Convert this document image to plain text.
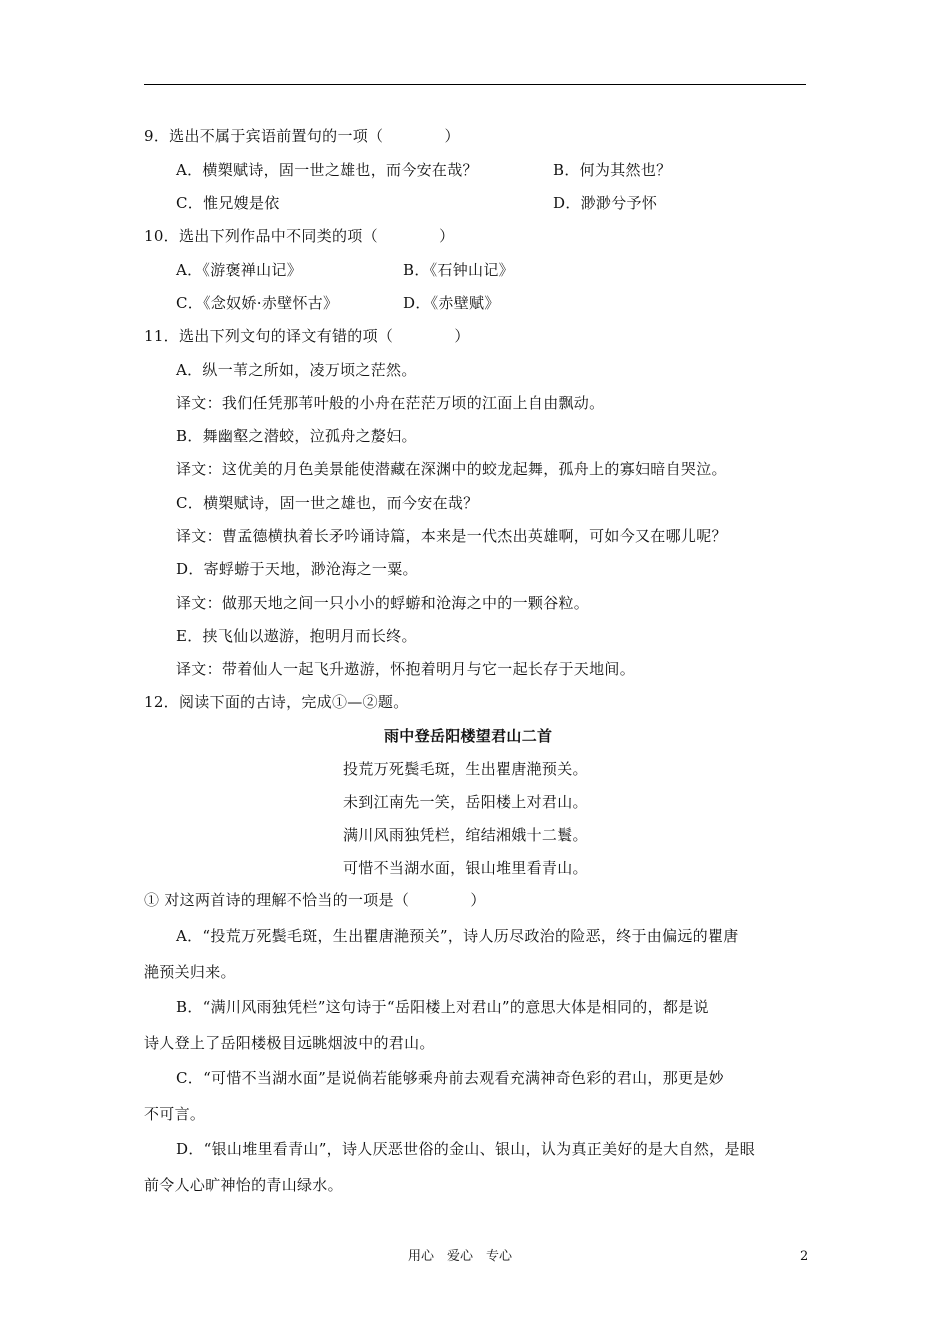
9．选出不属于宾语前置句的一项（　　　　）
A．横槊赋诗，固一世之雄也，而今安在哉？	B．何为其然也？
C．惟兄嫂是依	D．渺渺兮予怀
10．选出下列作品中不同类的项（　　　　）
A．《游褒禅山记》	B．《石钟山记》
C．《念奴娇·赤壁怀古》	D．《赤壁赋》
11．选出下列文句的译文有错的项（　　　　）
A．纵一苇之所如，凌万顷之茫然。
译文：我们任凭那苇叶般的小舟在茫茫万顷的江面上自由飘动。
B．舞幽壑之潜蛟，泣孤舟之嫠妇。
译文：这优美的月色美景能使潜藏在深渊中的蛟龙起舞，孤舟上的寡妇暗自哭泣。
C．横槊赋诗，固一世之雄也，而今安在哉？
译文：曹孟德横执着长矛吟诵诗篇，本来是一代杰出英雄啊，可如今又在哪儿呢？
D．寄蜉蝣于天地，渺沧海之一粟。
译文：做那天地之间一只小小的蜉蝣和沧海之中的一颗谷粒。
E．挟飞仙以遨游，抱明月而长终。
译文：带着仙人一起飞升遨游，怀抱着明月与它一起长存于天地间。
12．阅读下面的古诗，完成①—②题。
雨中登岳阳楼望君山二首
投荒万死鬓毛斑，生出瞿唐滟预关。
未到江南先一笑，岳阳楼上对君山。
满川风雨独凭栏，绾结湘娥十二鬟。
可惜不当湖水面，银山堆里看青山。
① 对这两首诗的理解不恰当的一项是（　　　　）
A．“投荒万死鬓毛斑，生出瞿唐滟预关”，诗人历尽政治的险恶，终于由偏远的瞿唐
滟预关归来。
B．“满川风雨独凭栏”这句诗于“岳阳楼上对君山”的意思大体是相同的，都是说
诗人登上了岳阳楼极目远眺烟波中的君山。
C．“可惜不当湖水面”是说倘若能够乘舟前去观看充满神奇色彩的君山，那更是妙
不可言。
D．“银山堆里看青山”，诗人厌恶世俗的金山、银山，认为真正美好的是大自然，是眼
前令人心旷神怡的青山绿水。
用心　爱心　专心	2
